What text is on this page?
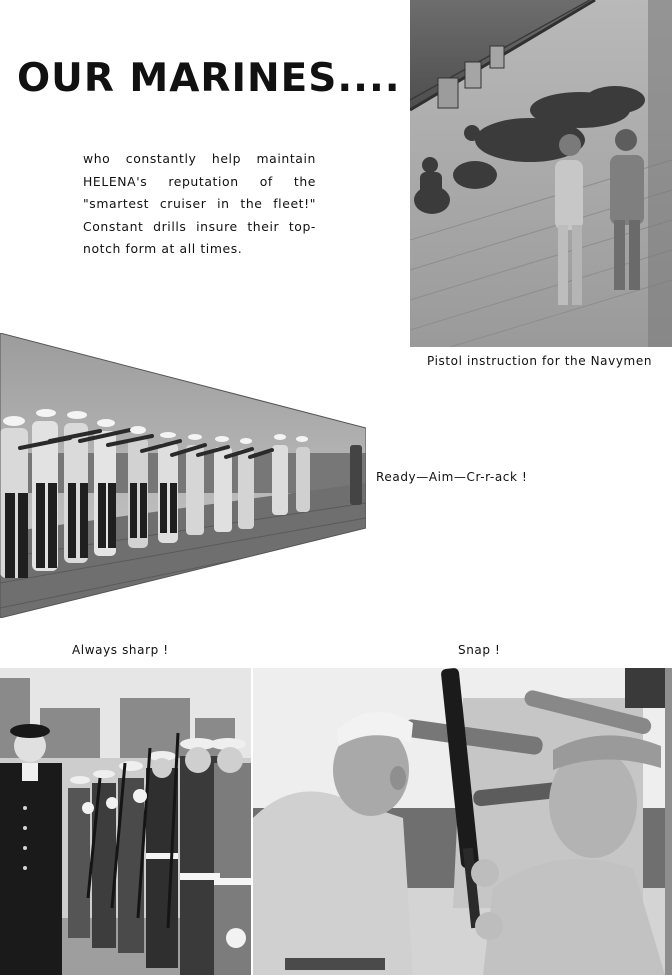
OUR MARINES....

who constantly help maintain HELENA's reputation of the "smartest cruiser in the fleet!" Constant drills insure their top-notch form at all times.

Pistol instruction for the Navymen

Ready—Aim—Cr-r-ack !

Always sharp !	Snap !
